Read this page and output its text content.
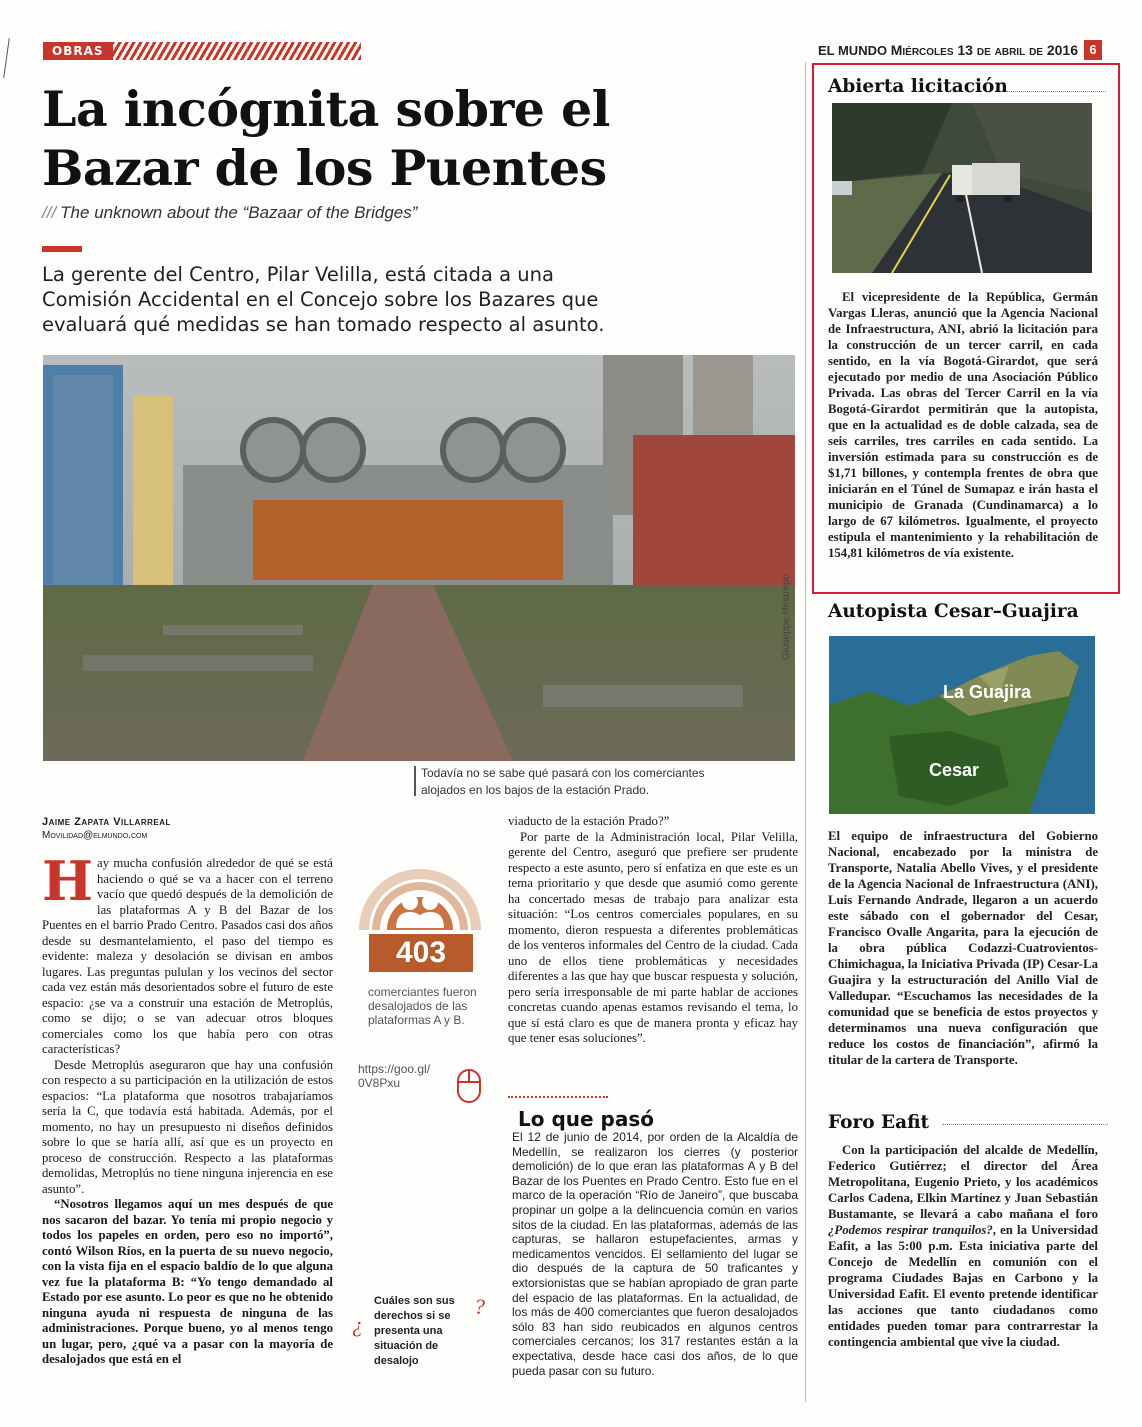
OBRAS	EL MUNDO Miércoles 13 de abril de 2016 6
La incógnita sobre el
Bazar de los Puentes
/// The unknown about the “Bazaar of the Bridges”
La gerente del Centro, Pilar Velilla, está citada a una Comisión Accidental en el Concejo sobre los Bazares que evaluará qué medidas se han tomado respecto al asunto.
Giuseppe Restrepo
Todavía no se sabe qué pasará con los comerciantes alojados en los bajos de la estación Prado.
Jaime Zapata Villarreal
Movilidad@elmundo.com

Hay mucha confusión alrededor de qué se está haciendo o qué se va a hacer con el terreno vacío que quedó después de la demolición de las plataformas A y B del Bazar de los Puentes en el barrio Prado Centro. Pasados casi dos años desde su desmantelamiento, el paso del tiempo es evidente: maleza y desolación se divisan en ambos lugares. Las preguntas pululan y los vecinos del sector cada vez están más desorientados sobre el futuro de este espacio: ¿se va a construir una estación de Metroplús, como se dijo; o se van adecuar otros bloques comerciales como los que había pero con otras características?

Desde Metroplús aseguraron que hay una confusión con respecto a su participación en la utilización de estos espacios: “La plataforma que nosotros trabajaríamos sería la C, que todavía está habitada. Además, por el momento, no hay un presupuesto ni diseños definidos sobre lo que se haría allí, así que es un proyecto en proceso de construcción. Respecto a las plataformas demolidas, Metroplús no tiene ninguna injerencia en ese asunto”.

“Nosotros llegamos aquí un mes después de que nos sacaron del bazar. Yo tenía mi propio negocio y todos los papeles en orden, pero eso no importó”, contó Wilson Ríos, en la puerta de su nuevo negocio, con la vista fija en el espacio baldío de lo que alguna vez fue la plataforma B: “Yo tengo demandado al Estado por ese asunto. Lo peor es que no he obtenido ninguna ayuda ni respuesta de ninguna de las administraciones. Porque bueno, yo al menos tengo un lugar, pero, ¿qué va a pasar con la mayoría de desalojados que está en el

403
comerciantes fueron desalojados de las plataformas A y B.
https://goo.gl/ 0V8Pxu
¿
Cuáles son sus derechos si se presenta una situación de desalojo
?

viaducto de la estación Prado?”

Por parte de la Administración local, Pilar Velilla, gerente del Centro, aseguró que prefiere ser prudente respecto a este asunto, pero sí enfatiza en que este es un tema prioritario y que desde que asumió como gerente ha concertado mesas de trabajo para analizar esta situación: “Los centros comerciales populares, en su momento, dieron respuesta a diferentes problemáticas de los venteros informales del Centro de la ciudad. Cada uno de ellos tiene problemáticas y necesidades diferentes a las que hay que buscar respuesta y solución, pero sería irresponsable de mi parte hablar de acciones concretas cuando apenas estamos revisando el tema, lo que sí está claro es que de manera pronta y eficaz hay que tener esas soluciones”.

Lo que pasó
El 12 de junio de 2014, por orden de la Alcaldía de Medellín, se realizaron los cierres (y posterior demolición) de lo que eran las plataformas A y B del Bazar de los Puentes en Prado Centro. Esto fue en el marco de la operación “Río de Janeiro”, que buscaba propinar un golpe a la delincuencia común en varios sitos de la ciudad. En las plataformas, además de las capturas, se hallaron estupefacientes, armas y medicamentos vencidos. El sellamiento del lugar se dio después de la captura de 50 traficantes y extorsionistas que se habían apropiado de gran parte del espacio de las plataformas. En la actualidad, de los más de 400 comerciantes que fueron desalojados sólo 83 han sido reubicados en algunos centros comerciales cercanos; los 317 restantes están a la expectativa, desde hace casi dos años, de lo que pueda pasar con su futuro.
Abierta licitación

El vicepresidente de la República, Germán Vargas Lleras, anunció que la Agencia Nacional de Infraestructura, ANI, abrió la licitación para la construcción de un tercer carril, en cada sentido, en la vía Bogotá-Girardot, que será ejecutado por medio de una Asociación Público Privada. Las obras del Tercer Carril en la vía Bogotá-Girardot permitirán que la autopista, que en la actualidad es de doble calzada, sea de seis carriles, tres carriles en cada sentido. La inversión estimada para su construcción es de $1,71 billones, y contempla frentes de obra que iniciarán en el Túnel de Sumapaz e irán hasta el municipio de Granada (Cundinamarca) a lo largo de 67 kilómetros. Igualmente, el proyecto estipula el mantenimiento y la rehabilitación de 154,81 kilómetros de vía existente.

Autopista Cesar–Guajira
La Guajira
Cesar
El equipo de infraestructura del Gobierno Nacional, encabezado por la ministra de Transporte, Natalia Abello Vives, y el presidente de la Agencia Nacional de Infraestructura (ANI), Luis Fernando Andrade, llegaron a un acuerdo este sábado con el gobernador del Cesar, Francisco Ovalle Angarita, para la ejecución de la obra pública Codazzi-Cuatrovientos- Chimichagua, la Iniciativa Privada (IP) Cesar-La Guajira y la estructuración del Anillo Vial de Valledupar. “Escuchamos las necesidades de la comunidad que se beneficia de estos proyectos y determinamos una nueva configuración que reduce los costos de financiación”, afirmó la titular de la cartera de Transporte.
Foro Eafit

Con la participación del alcalde de Medellín, Federico Gutiérrez; el director del Área Metropolitana, Eugenio Prieto, y los académicos Carlos Cadena, Elkin Martínez y Juan Sebastián Bustamante, se llevará a cabo mañana el foro ¿Podemos respirar tranquilos?, en la Universidad Eafit, a las 5:00 p.m. Esta iniciativa parte del Concejo de Medellín en comunión con el programa Ciudades Bajas en Carbono y la Universidad Eafit. El evento pretende identificar las acciones que tanto ciudadanos como entidades pueden tomar para contrarrestar la contingencia ambiental que vive la ciudad.
